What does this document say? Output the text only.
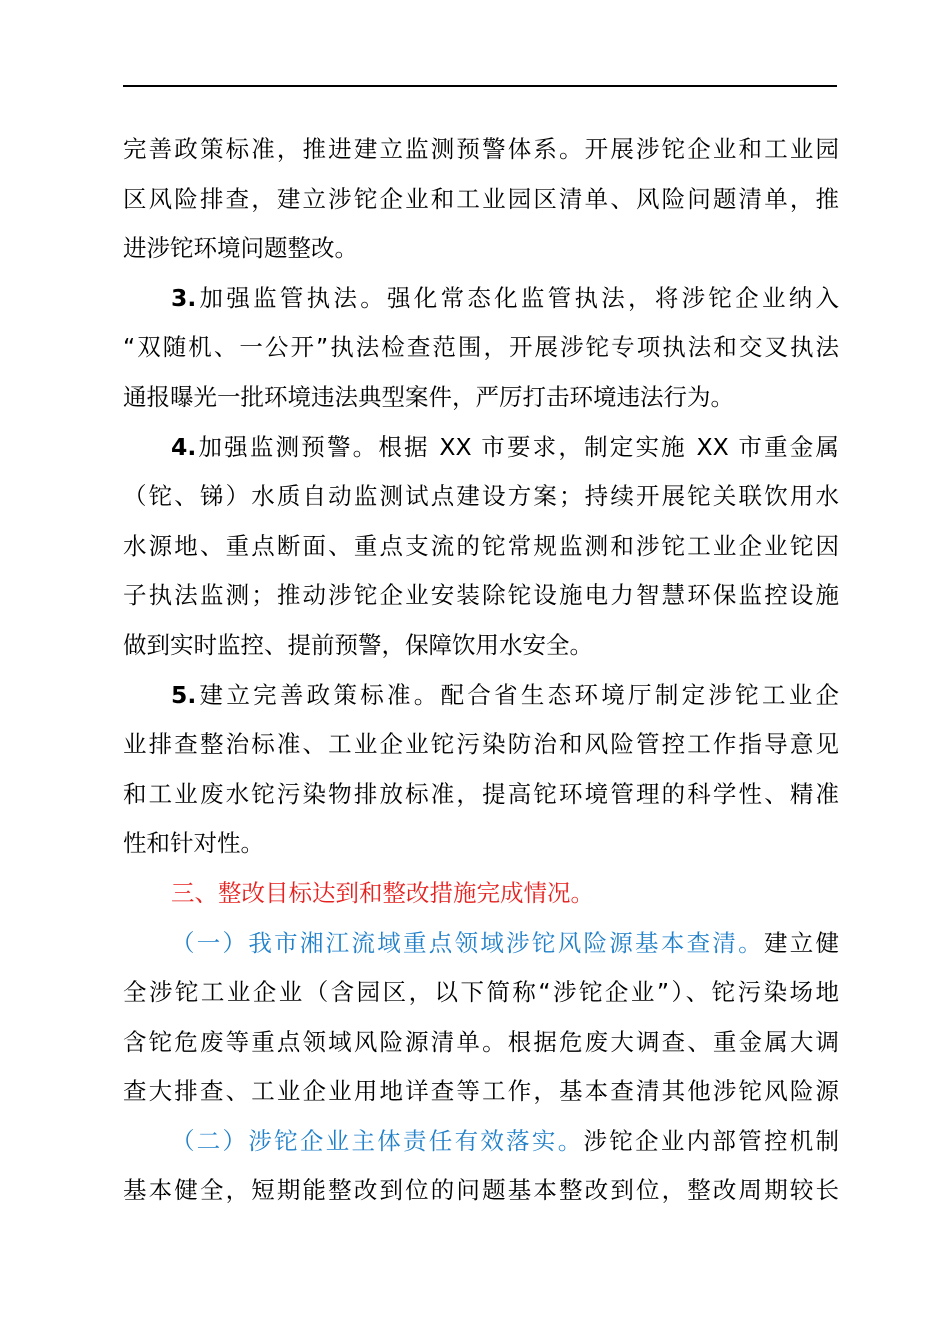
完善政策标准，推进建立监测预警体系。开展涉铊企业和工业园
区风险排查，建立涉铊企业和工业园区清单、风险问题清单，推
进涉铊环境问题整改。
3.加强监管执法。强化常态化监管执法，将涉铊企业纳入
“双随机、一公开”执法检查范围，开展涉铊专项执法和交叉执法
通报曝光一批环境违法典型案件，严厉打击环境违法行为。
4.加强监测预警。根据 XX 市要求，制定实施 XX 市重金属
（铊、锑）水质自动监测试点建设方案；持续开展铊关联饮用水
水源地、重点断面、重点支流的铊常规监测和涉铊工业企业铊因
子执法监测；推动涉铊企业安装除铊设施电力智慧环保监控设施
做到实时监控、提前预警，保障饮用水安全。
5.建立完善政策标准。配合省生态环境厅制定涉铊工业企
业排查整治标准、工业企业铊污染防治和风险管控工作指导意见
和工业废水铊污染物排放标准，提高铊环境管理的科学性、精准
性和针对性。
三、整改目标达到和整改措施完成情况。
（一）我市湘江流域重点领域涉铊风险源基本查清。建立健
全涉铊工业企业（含园区，以下简称“涉铊企业”）、铊污染场地
含铊危废等重点领域风险源清单。根据危废大调查、重金属大调
查大排查、工业企业用地详查等工作，基本查清其他涉铊风险源
（二）涉铊企业主体责任有效落实。涉铊企业内部管控机制
基本健全，短期能整改到位的问题基本整改到位，整改周期较长
